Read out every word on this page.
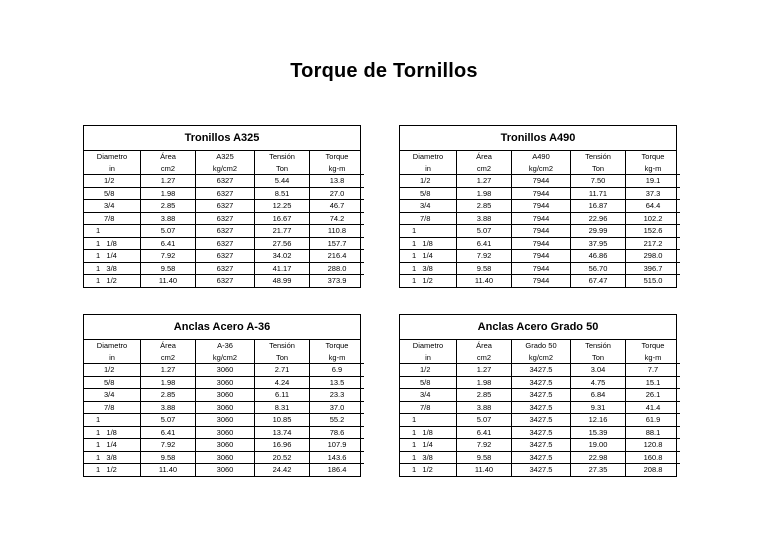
Torque de Tornillos
Tronillos A325
Diametro	Área	A325	Tensión	Torque
in	cm2	kg/cm2	Ton	kg-m
1/2	1.27	6327	5.44	13.8
5/8	1.98	6327	8.51	27.0
3/4	2.85	6327	12.25	46.7
7/8	3.88	6327	16.67	74.2
1	5.07	6327	21.77	110.8
1   1/8	6.41	6327	27.56	157.7
1   1/4	7.92	6327	34.02	216.4
1   3/8	9.58	6327	41.17	288.0
1   1/2	11.40	6327	48.99	373.9
Tronillos A490
Diametro	Área	A490	Tensión	Torque
in	cm2	kg/cm2	Ton	kg-m
1/2	1.27	7944	7.50	19.1
5/8	1.98	7944	11.71	37.3
3/4	2.85	7944	16.87	64.4
7/8	3.88	7944	22.96	102.2
1	5.07	7944	29.99	152.6
1   1/8	6.41	7944	37.95	217.2
1   1/4	7.92	7944	46.86	298.0
1   3/8	9.58	7944	56.70	396.7
1   1/2	11.40	7944	67.47	515.0
Anclas Acero A-36
Diametro	Área	A-36	Tensión	Torque
in	cm2	kg/cm2	Ton	kg-m
1/2	1.27	3060	2.71	6.9
5/8	1.98	3060	4.24	13.5
3/4	2.85	3060	6.11	23.3
7/8	3.88	3060	8.31	37.0
1	5.07	3060	10.85	55.2
1   1/8	6.41	3060	13.74	78.6
1   1/4	7.92	3060	16.96	107.9
1   3/8	9.58	3060	20.52	143.6
1   1/2	11.40	3060	24.42	186.4
Anclas Acero Grado 50
Diametro	Área	Grado 50	Tensión	Torque
in	cm2	kg/cm2	Ton	kg-m
1/2	1.27	3427.5	3.04	7.7
5/8	1.98	3427.5	4.75	15.1
3/4	2.85	3427.5	6.84	26.1
7/8	3.88	3427.5	9.31	41.4
1	5.07	3427.5	12.16	61.9
1   1/8	6.41	3427.5	15.39	88.1
1   1/4	7.92	3427.5	19.00	120.8
1   3/8	9.58	3427.5	22.98	160.8
1   1/2	11.40	3427.5	27.35	208.8
